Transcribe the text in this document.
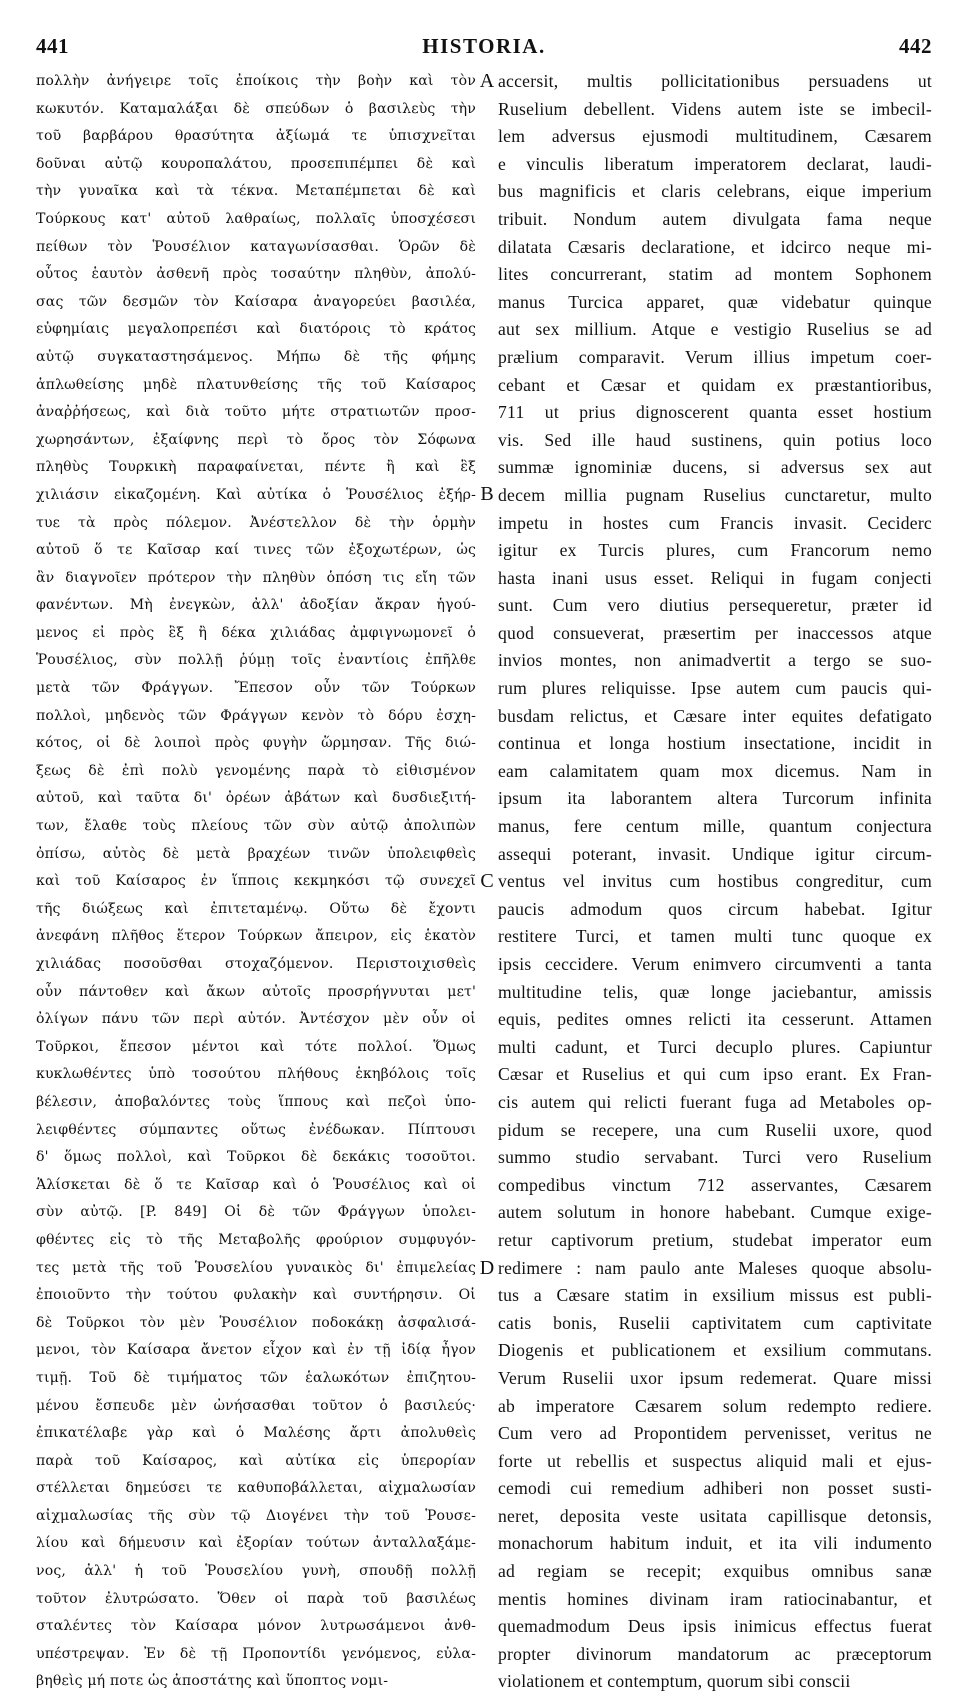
441	HISTORIA.	442
πολλὴν ἀνήγειρε τοῖς ἐποίκοις τὴν βοὴν καὶ τὸν
κωκυτόν. Καταμαλάξαι δὲ σπεύδων ὁ βασιλεὺς τὴν
τοῦ βαρβάρου θρασύτητα ἀξίωμά τε ὑπισχνεῖται
δοῦναι αὐτῷ κουροπαλάτου, προσεπιπέμπει δὲ καὶ
τὴν γυναῖκα καὶ τὰ τέκνα. Μεταπέμπεται δὲ καὶ
Τούρκους κατ' αὐτοῦ λαθραίως, πολλαῖς ὑποσχέσεσι
πείθων τὸν Ῥουσέλιον καταγωνίσασθαι. Ὁρῶν δὲ
οὗτος ἑαυτὸν ἀσθενῆ πρὸς τοσαύτην πληθὺν, ἀπολύ-
σας τῶν δεσμῶν τὸν Καίσαρα ἀναγορεύει βασιλέα,
εὐφημίαις μεγαλοπρεπέσι καὶ διατόροις τὸ κράτος
αὐτῷ συγκαταστησάμενος. Μήπω δὲ τῆς φήμης
ἁπλωθείσης μηδὲ πλατυνθείσης τῆς τοῦ Καίσαρος
ἀναῤῥήσεως, καὶ διὰ τοῦτο μήτε στρατιωτῶν προσ-
χωρησάντων, ἐξαίφνης περὶ τὸ ὄρος τὸν Σόφωνα
πληθὺς Τουρκικὴ παραφαίνεται, πέντε ἢ καὶ ἓξ
χιλιάσιν εἰκαζομένη. Καὶ αὐτίκα ὁ Ῥουσέλιος ἐξήρ-
τυε τὰ πρὸς πόλεμον. Ἀνέστελλον δὲ τὴν ὁρμὴν
αὐτοῦ ὅ τε Καῖσαρ καί τινες τῶν ἐξοχωτέρων, ὡς
ἂν διαγνοῖεν πρότερον τὴν πληθὺν ὁπόση τις εἴη τῶν
φανέντων. Μὴ ἐνεγκὼν, ἀλλ' ἀδοξίαν ἄκραν ἡγού-
μενος εἰ πρὸς ἓξ ἢ δέκα χιλιάδας ἀμφιγνωμονεῖ ὁ
Ῥουσέλιος, σὺν πολλῇ ῥύμῃ τοῖς ἐναντίοις ἐπῆλθε
μετὰ τῶν Φράγγων. Ἔπεσον οὖν τῶν Τούρκων
πολλοὶ, μηδενὸς τῶν Φράγγων κενὸν τὸ δόρυ ἐσχη-
κότος, οἱ δὲ λοιποὶ πρὸς φυγὴν ὥρμησαν. Τῆς διώ-
ξεως δὲ ἐπὶ πολὺ γενομένης παρὰ τὸ εἰθισμένον
αὐτοῦ, καὶ ταῦτα δι' ὀρέων ἀβάτων καὶ δυσδιεξιτή-
των, ἔλαθε τοὺς πλείους τῶν σὺν αὐτῷ ἀπολιπὼν
ὀπίσω, αὐτὸς δὲ μετὰ βραχέων τινῶν ὑπολειφθεὶς
καὶ τοῦ Καίσαρος ἐν ἵπποις κεκμηκόσι τῷ συνεχεῖ
τῆς διώξεως καὶ ἐπιτεταμένῳ. Οὕτω δὲ ἔχοντι
ἀνεφάνη πλῆθος ἕτερον Τούρκων ἄπειρον, εἰς ἑκατὸν
χιλιάδας ποσοῦσθαι στοχαζόμενον. Περιστοιχισθεὶς
οὖν πάντοθεν καὶ ἄκων αὐτοῖς προσρήγνυται μετ'
ὀλίγων πάνυ τῶν περὶ αὐτόν. Ἀντέσχον μὲν οὖν οἱ
Τοῦρκοι, ἔπεσον μέντοι καὶ τότε πολλοί. Ὅμως
κυκλωθέντες ὑπὸ τοσούτου πλήθους ἑκηβόλοις τοῖς
βέλεσιν, ἀποβαλόντες τοὺς ἵππους καὶ πεζοὶ ὑπο-
λειφθέντες σύμπαντες οὕτως ἐνέδωκαν. Πίπτουσι
δ' ὅμως πολλοὶ, καὶ Τοῦρκοι δὲ δεκάκις τοσοῦτοι.
Ἁλίσκεται δὲ ὅ τε Καῖσαρ καὶ ὁ Ῥουσέλιος καὶ οἱ
σὺν αὐτῷ. [P. 849] Οἱ δὲ τῶν Φράγγων ὑπολει-
φθέντες εἰς τὸ τῆς Μεταβολῆς φρούριον συμφυγόν-
τες μετὰ τῆς τοῦ Ῥουσελίου γυναικὸς δι' ἐπιμελείας
ἐποιοῦντο τὴν τούτου φυλακὴν καὶ συντήρησιν. Οἱ
δὲ Τοῦρκοι τὸν μὲν Ῥουσέλιον ποδοκάκῃ ἀσφαλισά-
μενοι, τὸν Καίσαρα ἄνετον εἶχον καὶ ἐν τῇ ἰδίᾳ ἦγον
τιμῇ. Τοῦ δὲ τιμήματος τῶν ἑαλωκότων ἐπιζητου-
μένου ἔσπευδε μὲν ὠνήσασθαι τοῦτον ὁ βασιλεύς·
ἐπικατέλαβε γὰρ καὶ ὁ Μαλέσης ἄρτι ἀπολυθεὶς
παρὰ τοῦ Καίσαρος, καὶ αὐτίκα εἰς ὑπερορίαν
στέλλεται δημεύσει τε καθυποβάλλεται, αἰχμαλωσίαν
αἰχμαλωσίας τῆς σὺν τῷ Διογένει τὴν τοῦ Ῥουσε-
λίου καὶ δήμευσιν καὶ ἐξορίαν τούτων ἀνταλλαξάμε-
νος, ἀλλ' ἡ τοῦ Ῥουσελίου γυνὴ, σπουδῇ πολλῇ
τοῦτον ἐλυτρώσατο. Ὅθεν οἱ παρὰ τοῦ βασιλέως
σταλέντες τὸν Καίσαρα μόνον λυτρωσάμενοι ἀνθ-
υπέστρεψαν. Ἐν δὲ τῇ Προποντίδι γενόμενος, εὐλα-
βηθεὶς μή ποτε ὡς ἀποστάτης καὶ ὕποπτος νομι-
accersit, multis pollicitationibus persuadens ut
Ruselium debellent. Videns autem iste se imbecil-
lem adversus ejusmodi multitudinem, Cæsarem
e vinculis liberatum imperatorem declarat, laudi-
bus magnificis et claris celebrans, eique imperium
tribuit. Nondum autem divulgata fama neque
dilatata Cæsaris declaratione, et idcirco neque mi-
lites concurrerant, statim ad montem Sophonem
manus Turcica apparet, quæ videbatur quinque
aut sex millium. Atque e vestigio Ruselius se ad
prælium comparavit. Verum illius impetum coer-
cebant et Cæsar et quidam ex præstantioribus,
711 ut prius dignoscerent quanta esset hostium
vis. Sed ille haud sustinens, quin potius loco
summæ ignominiæ ducens, si adversus sex aut
decem millia pugnam Ruselius cunctaretur, multo
impetu in hostes cum Francis invasit. Ceciderc
igitur ex Turcis plures, cum Francorum nemo
hasta inani usus esset. Reliqui in fugam conjecti
sunt. Cum vero diutius persequeretur, præter id
quod consueverat, præsertim per inaccessos atque
invios montes, non animadvertit a tergo se suo-
rum plures reliquisse. Ipse autem cum paucis qui-
busdam relictus, et Cæsare inter equites defatigato
continua et longa hostium insectatione, incidit in
eam calamitatem quam mox dicemus. Nam in
ipsum ita laborantem altera Turcorum infinita
manus, fere centum mille, quantum conjectura
assequi poterant, invasit. Undique igitur circum-
ventus vel invitus cum hostibus congreditur, cum
paucis admodum quos circum habebat. Igitur
restitere Turci, et tamen multi tunc quoque ex
ipsis ceccidere. Verum enimvero circumventi a tanta
multitudine telis, quæ longe jaciebantur, amissis
equis, pedites omnes relicti ita cesserunt. Attamen
multi cadunt, et Turci decuplo plures. Capiuntur
Cæsar et Ruselius et qui cum ipso erant. Ex Fran-
cis autem qui relicti fuerant fuga ad Metaboles op-
pidum se recepere, una cum Ruselii uxore, quod
summo studio servabant. Turci vero Ruselium
compedibus vinctum 712 asservantes, Cæsarem
autem solutum in honore habebant. Cumque exige-
retur captivorum pretium, studebat imperator eum
redimere : nam paulo ante Maleses quoque absolu-
tus a Cæsare statim in exsilium missus est publi-
catis bonis, Ruselii captivitatem cum captivitate
Diogenis et publicationem et exsilium commutans.
Verum Ruselii uxor ipsum redemerat. Quare missi
ab imperatore Cæsarem solum redempto rediere.
Cum vero ad Propontidem pervenisset, veritus ne
forte ut rebellis et suspectus aliquid mali et ejus-
cemodi cui remedium adhiberi non posset susti-
neret, deposita veste usitata capillisque detonsis,
monachorum habitum induit, et ita vili indumento
ad regiam se recepit; exquibus omnibus sanæ
mentis homines divinam iram ratiocinabantur, et
quemadmodum Deus ipsis inimicus effectus fuerat
propter divinorum mandatorum ac præceptorum
violationem et contemptum, quorum sibi conscii
A
B
C
D
